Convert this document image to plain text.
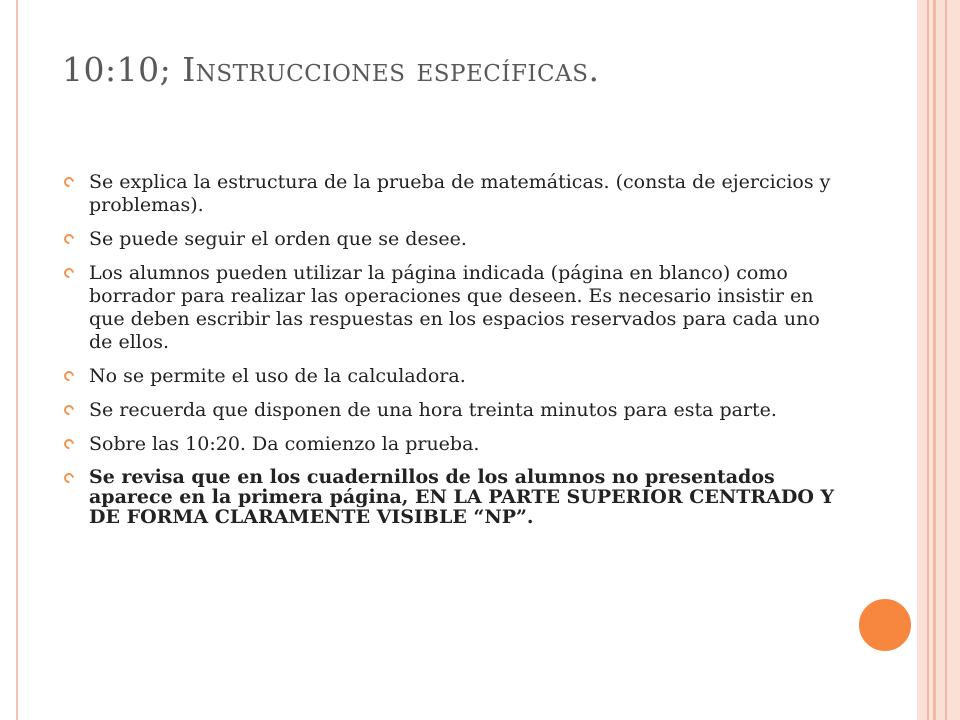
10:10; Instrucciones específicas.
Se explica la estructura de la prueba de matemáticas. (consta de ejercicios y problemas).
Se puede seguir el orden que se desee.
Los alumnos pueden utilizar la página indicada (página en blanco) como borrador para realizar las operaciones que deseen. Es necesario insistir en que deben escribir las respuestas en los espacios reservados para cada uno de ellos.
No se permite el uso de la calculadora.
Se recuerda que disponen de una hora treinta minutos para esta parte.
Sobre las 10:20. Da comienzo la prueba.
Se revisa que en los cuadernillos de los alumnos no presentados aparece en la primera página, EN LA PARTE SUPERIOR CENTRADO Y DE FORMA CLARAMENTE VISIBLE “NP”.
